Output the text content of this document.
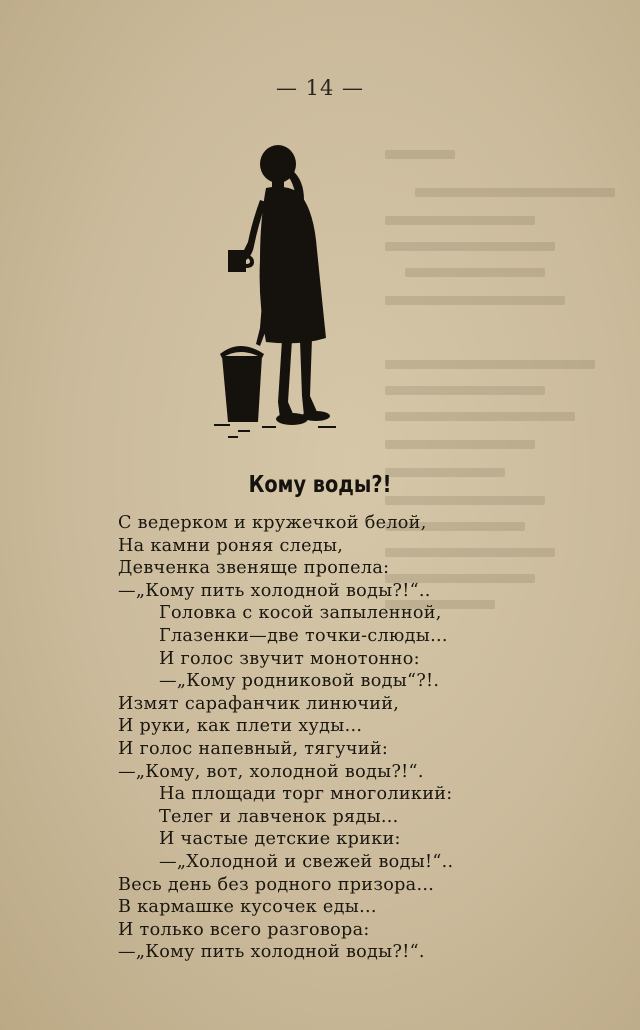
— 14 —
Кому воды?!
С ведерком и кружечкой белой,
На камни роняя следы,
Девченка звеняще пропела:
—„Кому пить холодной воды?!“..
Головка с косой запыленной,
Глазенки—две точки-слюды...
И голос звучит монотонно:
—„Кому родниковой воды“?!.
Измят сарафанчик линючий,
И руки, как плети худы...
И голос напевный, тягучий:
—„Кому, вот, холодной воды?!“.
На площади торг многоликий:
Телег и лавченок ряды...
И частые детские крики:
—„Холодной и свежей воды!“..
Весь день без родного призора...
В кармашке кусочек еды...
И только всего разговора:
—„Кому пить холодной воды?!“.
